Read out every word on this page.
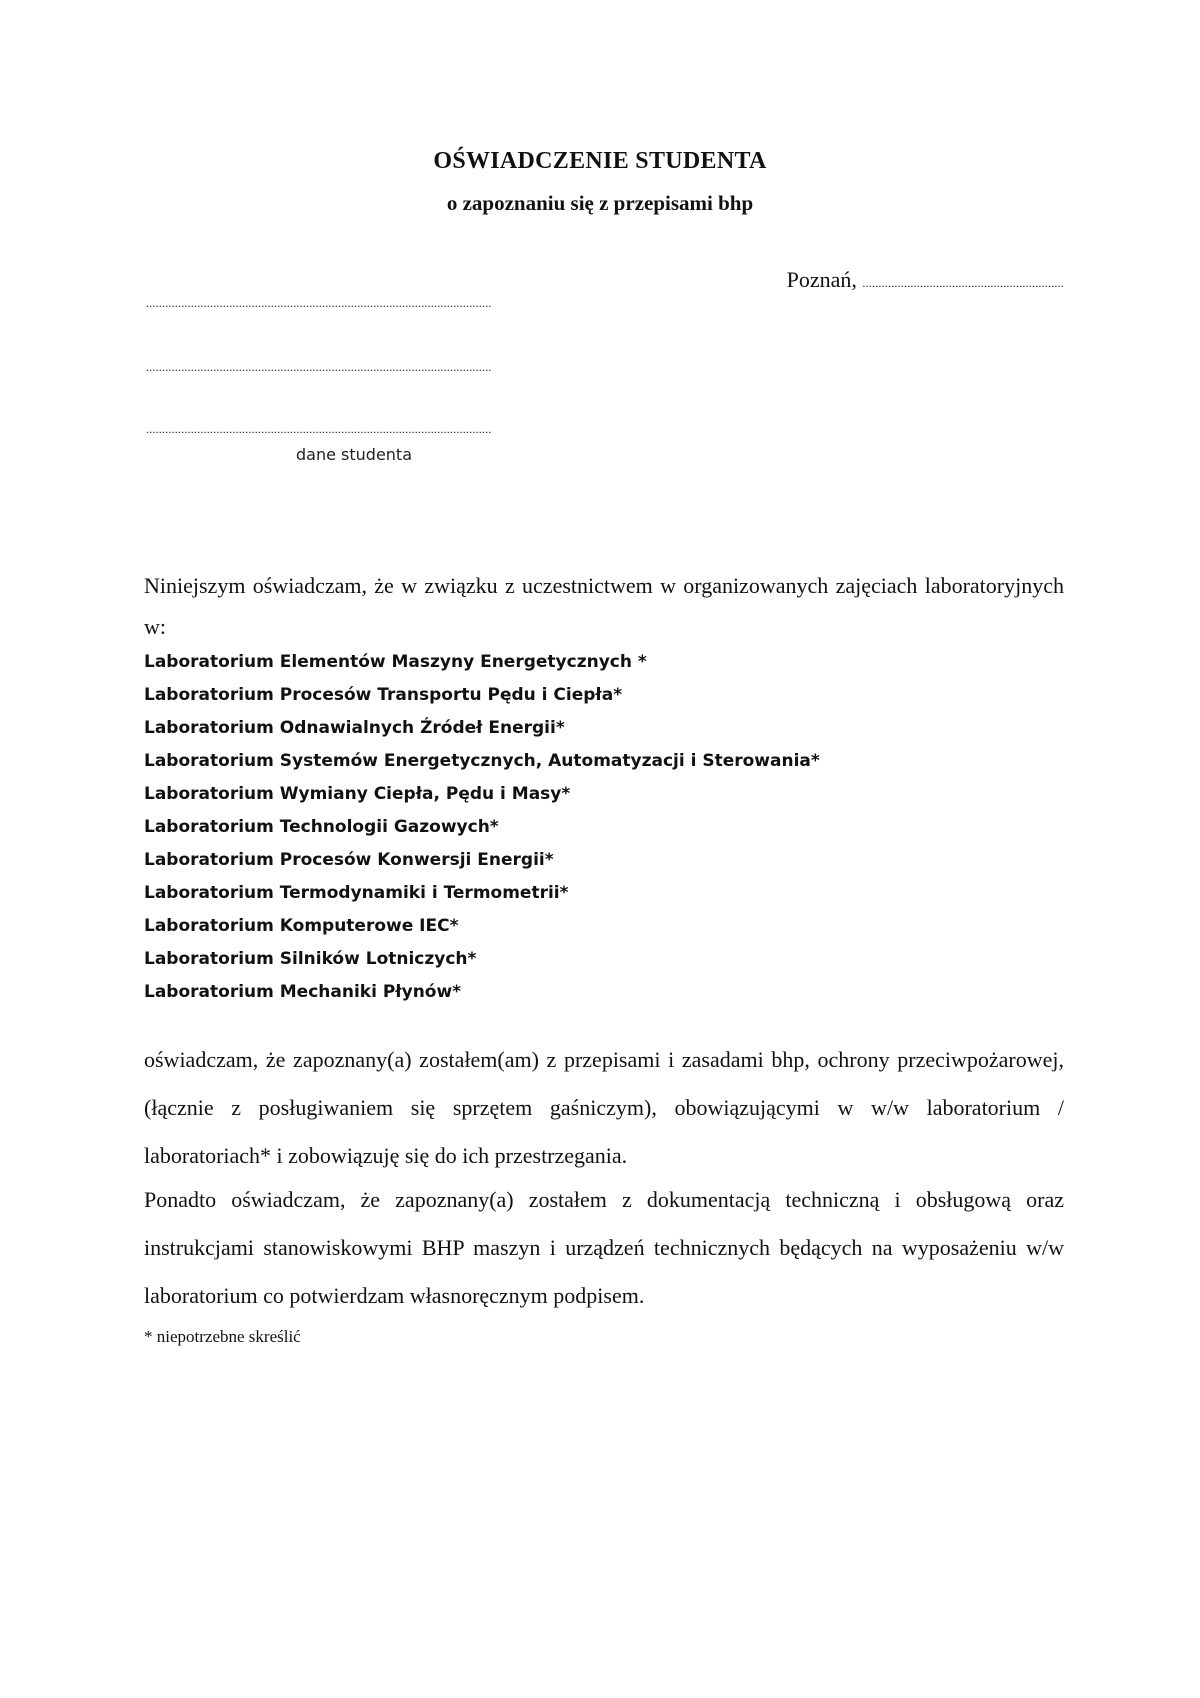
OŚWIADCZENIE STUDENTA
o zapoznaniu się z przepisami bhp
Poznań, ...............................................................
............................................................................................................
............................................................................................................
............................................................................................................
dane studenta
Niniejszym oświadczam, że w związku z uczestnictwem w organizowanych zajęciach laboratoryjnych w:
Laboratorium Elementów Maszyny Energetycznych *
Laboratorium Procesów Transportu Pędu i Ciepła*
Laboratorium Odnawialnych Źródeł Energii*
Laboratorium Systemów Energetycznych, Automatyzacji i Sterowania*
Laboratorium Wymiany Ciepła, Pędu i Masy*
Laboratorium Technologii Gazowych*
Laboratorium Procesów Konwersji Energii*
Laboratorium Termodynamiki i Termometrii*
Laboratorium Komputerowe IEC*
Laboratorium Silników Lotniczych*
Laboratorium Mechaniki Płynów*
oświadczam, że zapoznany(a) zostałem(am) z przepisami i zasadami bhp, ochrony przeciwpożarowej, (łącznie z posługiwaniem się sprzętem gaśniczym), obowiązującymi w w/w laboratorium / laboratoriach* i zobowiązuję się do ich przestrzegania.
Ponadto oświadczam, że zapoznany(a) zostałem z dokumentacją techniczną i obsługową oraz instrukcjami stanowiskowymi BHP maszyn i urządzeń technicznych będących na wyposażeniu w/w laboratorium co potwierdzam własnoręcznym podpisem.
* niepotrzebne skreślić
